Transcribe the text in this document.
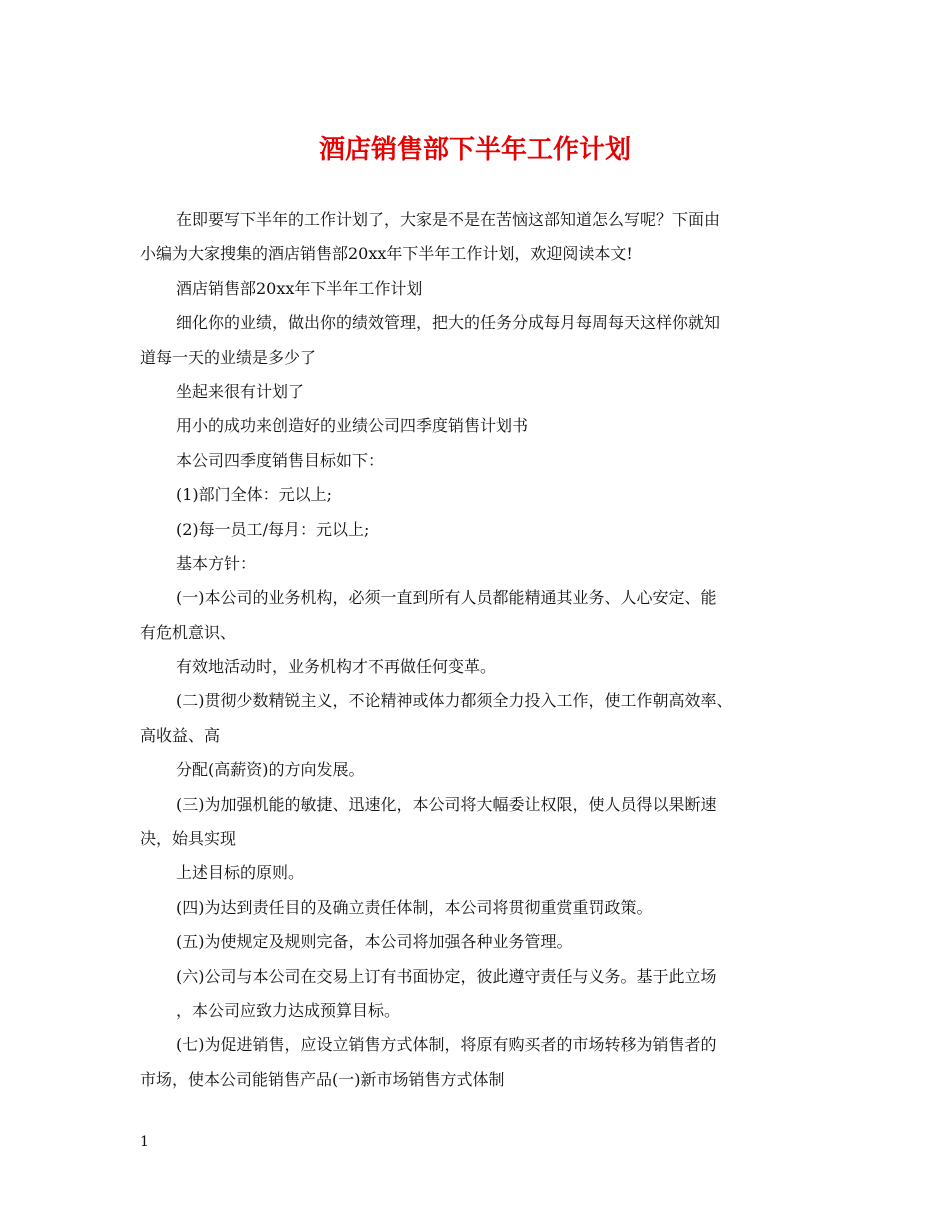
酒店销售部下半年工作计划
在即要写下半年的工作计划了，大家是不是在苦恼这部知道怎么写呢？下面由
小编为大家搜集的酒店销售部20xx年下半年工作计划，欢迎阅读本文!
酒店销售部20xx年下半年工作计划
细化你的业绩，做出你的绩效管理，把大的任务分成每月每周每天这样你就知
道每一天的业绩是多少了
坐起来很有计划了
用小的成功来创造好的业绩公司四季度销售计划书
本公司四季度销售目标如下：
(1)部门全体：元以上;
(2)每一员工/每月：元以上;
基本方针：
(一)本公司的业务机构，必须一直到所有人员都能精通其业务、人心安定、能
有危机意识、
有效地活动时，业务机构才不再做任何变革。
(二)贯彻少数精锐主义，不论精神或体力都须全力投入工作，使工作朝高效率、
高收益、高
分配(高薪资)的方向发展。
(三)为加强机能的敏捷、迅速化，本公司将大幅委让权限，使人员得以果断速
决，始具实现
上述目标的原则。
(四)为达到责任目的及确立责任体制，本公司将贯彻重赏重罚政策。
(五)为使规定及规则完备，本公司将加强各种业务管理。
(六)公司与本公司在交易上订有书面协定，彼此遵守责任与义务。基于此立场
，本公司应致力达成预算目标。
(七)为促进销售，应设立销售方式体制，将原有购买者的市场转移为销售者的
市场，使本公司能销售产品(一)新市场销售方式体制
1
